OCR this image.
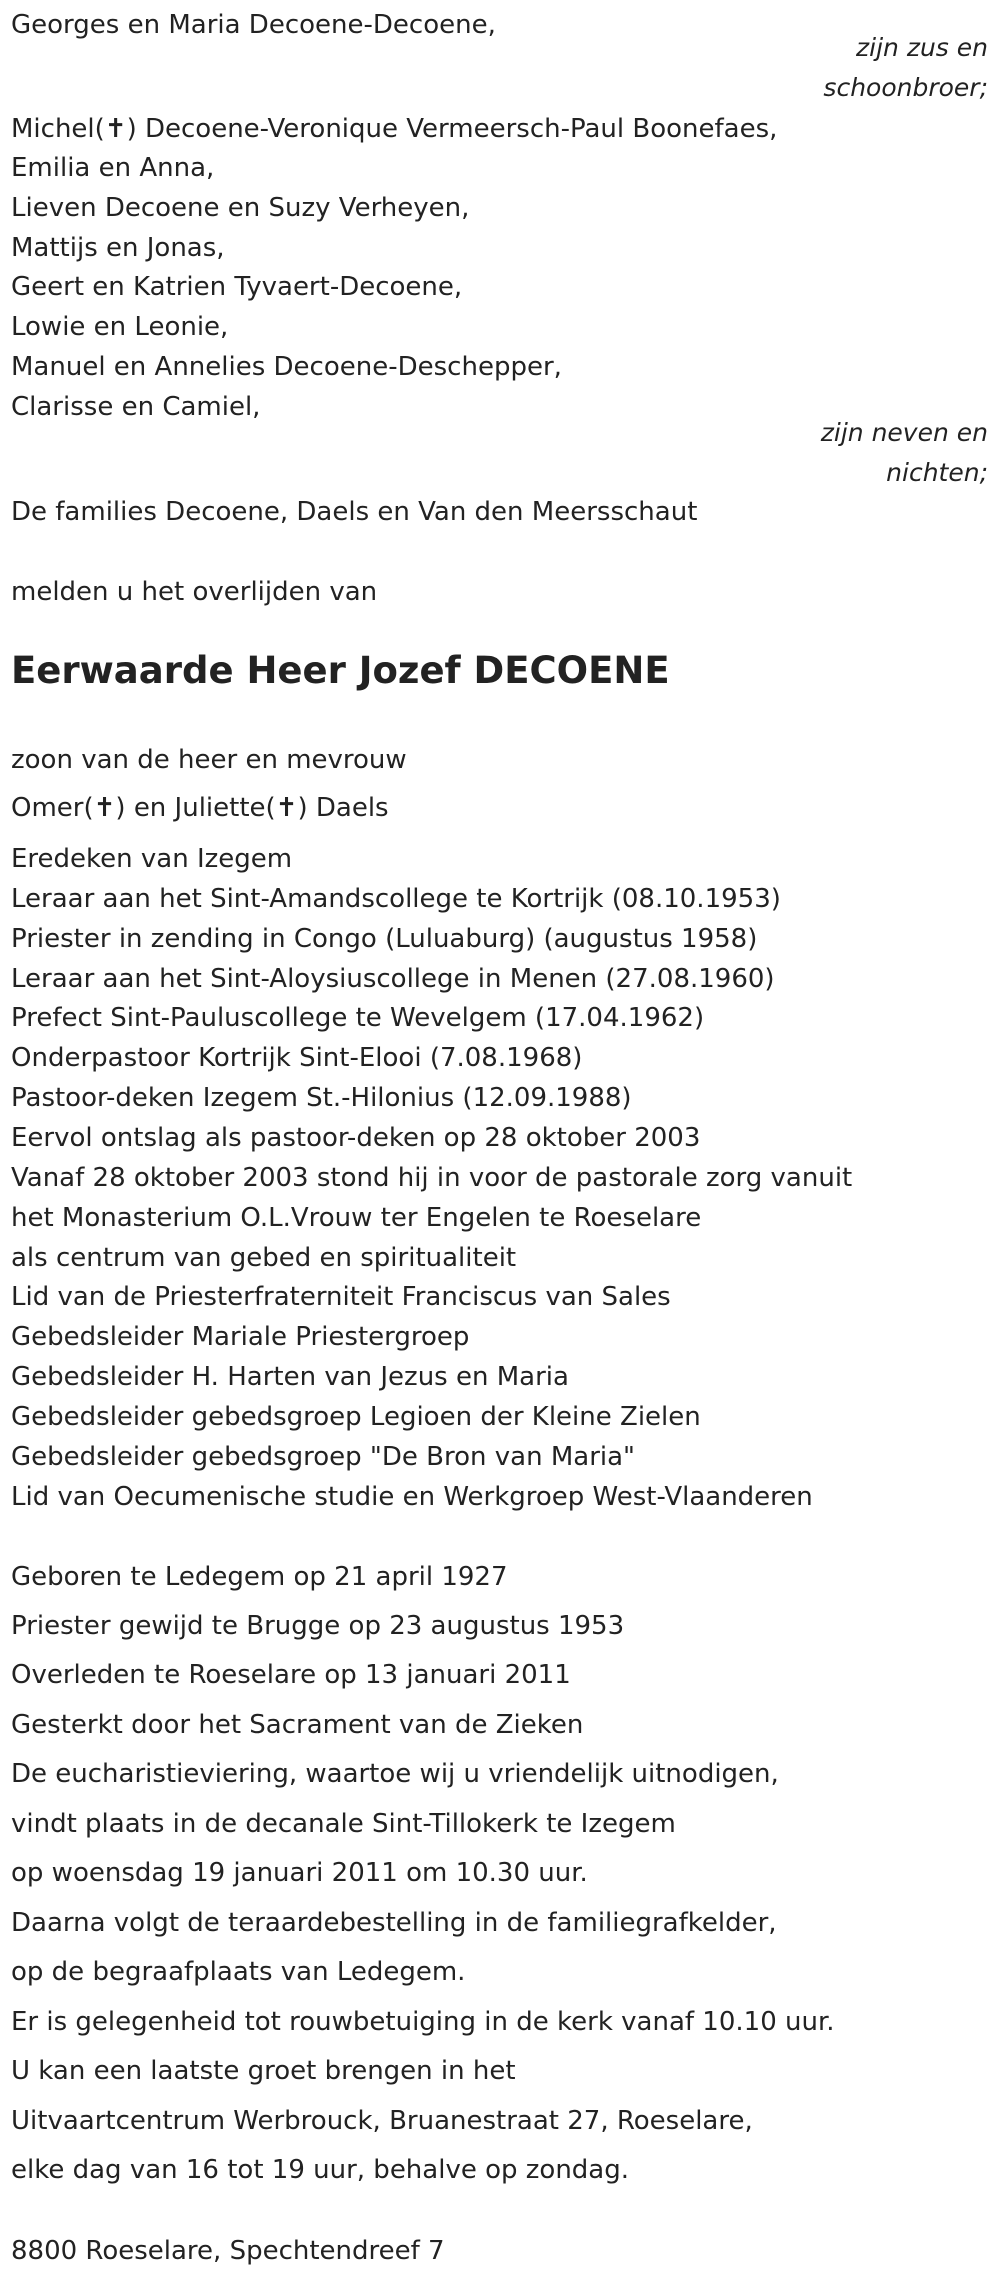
Georges en Maria Decoene-Decoene,
zijn zus en
schoonbroer;
Michel(✝) Decoene-Veronique Vermeersch-Paul Boonefaes,
Emilia en Anna,
Lieven Decoene en Suzy Verheyen,
Mattijs en Jonas,
Geert en Katrien Tyvaert-Decoene,
Lowie en Leonie,
Manuel en Annelies Decoene-Deschepper,
Clarisse en Camiel,
zijn neven en
nichten;
De families Decoene, Daels en Van den Meersschaut
melden u het overlijden van
Eerwaarde Heer Jozef DECOENE
zoon van de heer en mevrouw
Omer(✝) en Juliette(✝) Daels
Eredeken van Izegem
Leraar aan het Sint-Amandscollege te Kortrijk (08.10.1953)
Priester in zending in Congo (Luluaburg) (augustus 1958)
Leraar aan het Sint-Aloysiuscollege in Menen (27.08.1960)
Prefect Sint-Pauluscollege te Wevelgem (17.04.1962)
Onderpastoor Kortrijk Sint-Elooi (7.08.1968)
Pastoor-deken Izegem St.-Hilonius (12.09.1988)
Eervol ontslag als pastoor-deken op 28 oktober 2003
Vanaf 28 oktober 2003 stond hij in voor de pastorale zorg vanuit
het Monasterium O.L.Vrouw ter Engelen te Roeselare
als centrum van gebed en spiritualiteit
Lid van de Priesterfraterniteit Franciscus van Sales
Gebedsleider Mariale Priestergroep
Gebedsleider H. Harten van Jezus en Maria
Gebedsleider gebedsgroep Legioen der Kleine Zielen
Gebedsleider gebedsgroep "De Bron van Maria"
Lid van Oecumenische studie en Werkgroep West-Vlaanderen
Geboren te Ledegem op 21 april 1927
Priester gewijd te Brugge op 23 augustus 1953
Overleden te Roeselare op 13 januari 2011
Gesterkt door het Sacrament van de Zieken
De eucharistieviering, waartoe wij u vriendelijk uitnodigen,
vindt plaats in de decanale Sint-Tillokerk te Izegem
op woensdag 19 januari 2011 om 10.30 uur.
Daarna volgt de teraardebestelling in de familiegrafkelder,
op de begraafplaats van Ledegem.
Er is gelegenheid tot rouwbetuiging in de kerk vanaf 10.10 uur.
U kan een laatste groet brengen in het
Uitvaartcentrum Werbrouck, Bruanestraat 27, Roeselare,
elke dag van 16 tot 19 uur, behalve op zondag.
8800 Roeselare, Spechtendreef 7
